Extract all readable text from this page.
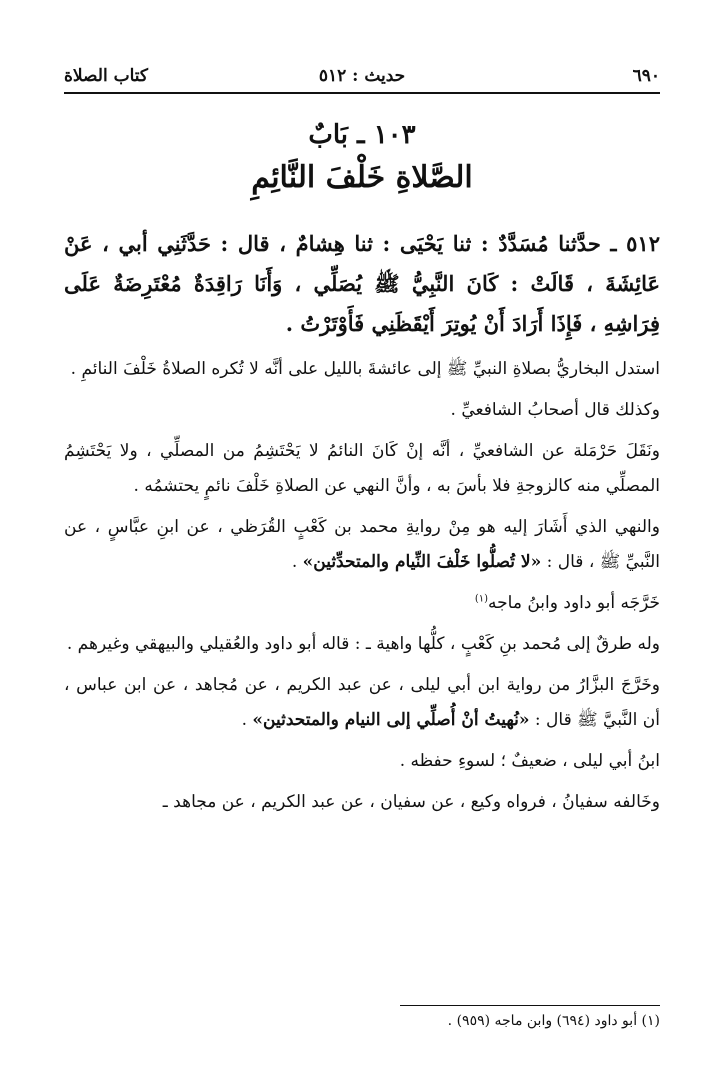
٦٩٠
حديث : ٥١٢
كتاب الصلاة
١٠٣ ـ بَابٌ
الصَّلاةِ خَلْفَ النَّائِمِ

٥١٢ ـ حدَّثنا مُسَدَّدٌ : ثنا يَحْيَى : ثنا هِشامٌ ، قال : حَدَّثَنِي أبي ، عَنْ عَائِشَةَ ، قَالَتْ : كَانَ النَّبِيُّ ﷺ يُصَلِّي ، وَأَنَا رَاقِدَةٌ مُعْتَرِضَةٌ عَلَى فِرَاشِهِ ، فَإِذَا أَرَادَ أَنْ يُوتِرَ أَيْقَظَنِي فَأَوْتَرْتُ .

استدل البخاريُّ بصلاةِ النبيِّ ﷺ إلى عائشةَ بالليل على أنَّه لا تُكره الصلاةُ خَلْفَ النائمِ .

وكذلك قال أصحابُ الشافعيِّ .

ونَقَلَ حَرْمَلة عن الشافعيِّ ، أنَّه إنْ كَانَ النائمُ لا يَحْتَشِمُ من المصلِّي ، ولا يَحْتَشِمُ المصلِّي منه كالزوجةِ فلا بأسَ به ، وأنَّ النهي عن الصلاةِ خَلْفَ نائمٍ يحتشمُه .

والنهي الذي أَشَارَ إليه هو مِنْ روايةِ محمد بن كَعْبٍ القُرَظي ، عن ابنِ عبَّاسٍ ، عن النَّبيِّ ﷺ ، قال : «لا تُصلُّوا خَلْفَ النِّيام والمتحدِّثين» .

خَرَّجَه أبو داود وابنُ ماجه$^{(١)}$

وله طرقٌ إلى مُحمد بنِ كَعْبٍ ، كلُّها واهية ـ : قاله أبو داود والعُقيلي والبيهقي وغيرهم .

وخَرَّجَ البزَّارُ من رواية ابن أبي ليلى ، عن عبد الكريم ، عن مُجاهد ، عن ابن عباس ، أن النَّبيَّ ﷺ قال : «نُهيتُ أنْ أُصلِّي إلى النيام والمتحدثين» .

ابنُ أبي ليلى ، ضعيفٌ ؛ لسوءِ حفظه .

وخَالفه سفيانُ ، فرواه وكيع ، عن سفيان ، عن عبد الكريم ، عن مجاهد ـ

(١) أبو داود (٦٩٤) وابن ماجه (٩٥٩) .
